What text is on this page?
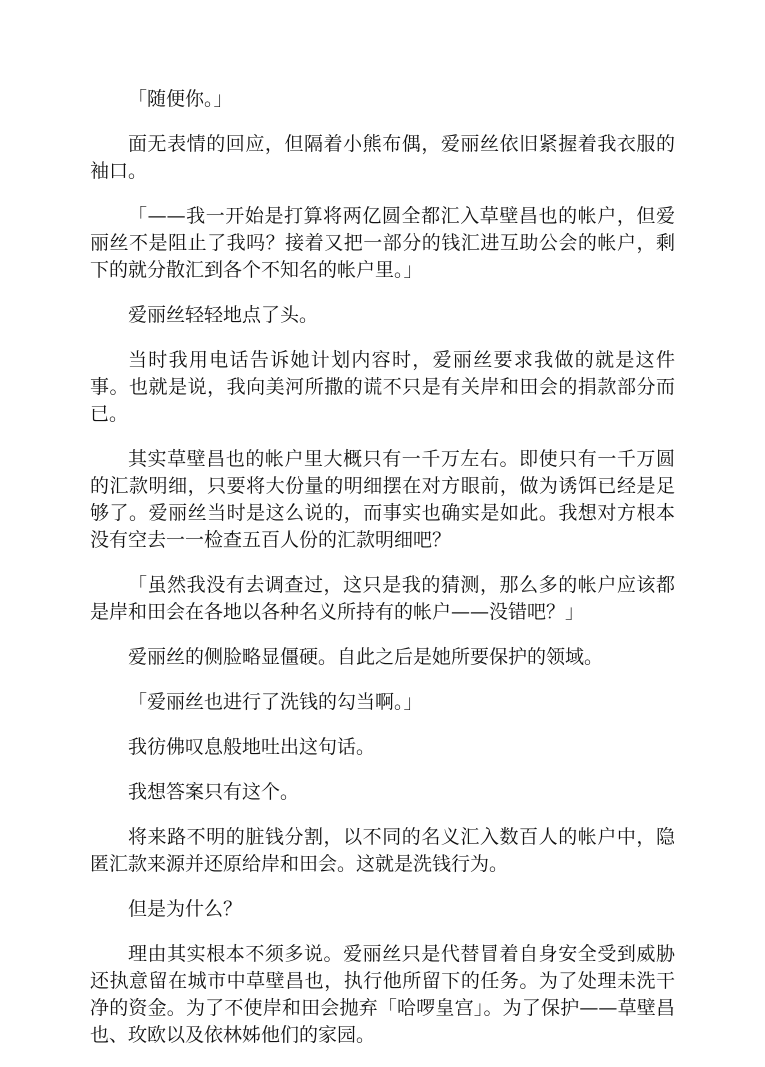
「随便你。」

面无表情的回应，但隔着小熊布偶，爱丽丝依旧紧握着我衣服的袖口。

「——我一开始是打算将两亿圆全都汇入草壁昌也的帐户，但爱丽丝不是阻止了我吗？接着又把一部分的钱汇进互助公会的帐户，剩下的就分散汇到各个不知名的帐户里。」

爱丽丝轻轻地点了头。

当时我用电话告诉她计划内容时，爱丽丝要求我做的就是这件事。也就是说，我向美河所撒的谎不只是有关岸和田会的捐款部分而已。

其实草壁昌也的帐户里大概只有一千万左右。即使只有一千万圆的汇款明细，只要将大份量的明细摆在对方眼前，做为诱饵已经是足够了。爱丽丝当时是这么说的，而事实也确实是如此。我想对方根本没有空去一一检查五百人份的汇款明细吧？

「虽然我没有去调查过，这只是我的猜测，那么多的帐户应该都是岸和田会在各地以各种名义所持有的帐户——没错吧？」

爱丽丝的侧脸略显僵硬。自此之后是她所要保护的领域。

「爱丽丝也进行了洗钱的勾当啊。」

我彷佛叹息般地吐出这句话。

我想答案只有这个。

将来路不明的脏钱分割，以不同的名义汇入数百人的帐户中，隐匿汇款来源并还原给岸和田会。这就是洗钱行为。

但是为什么？

理由其实根本不须多说。爱丽丝只是代替冒着自身安全受到威胁还执意留在城市中草壁昌也，执行他所留下的任务。为了处理未洗干净的资金。为了不使岸和田会抛弃「哈啰皇宫」。为了保护——草壁昌也、玫欧以及依林姊他们的家园。
